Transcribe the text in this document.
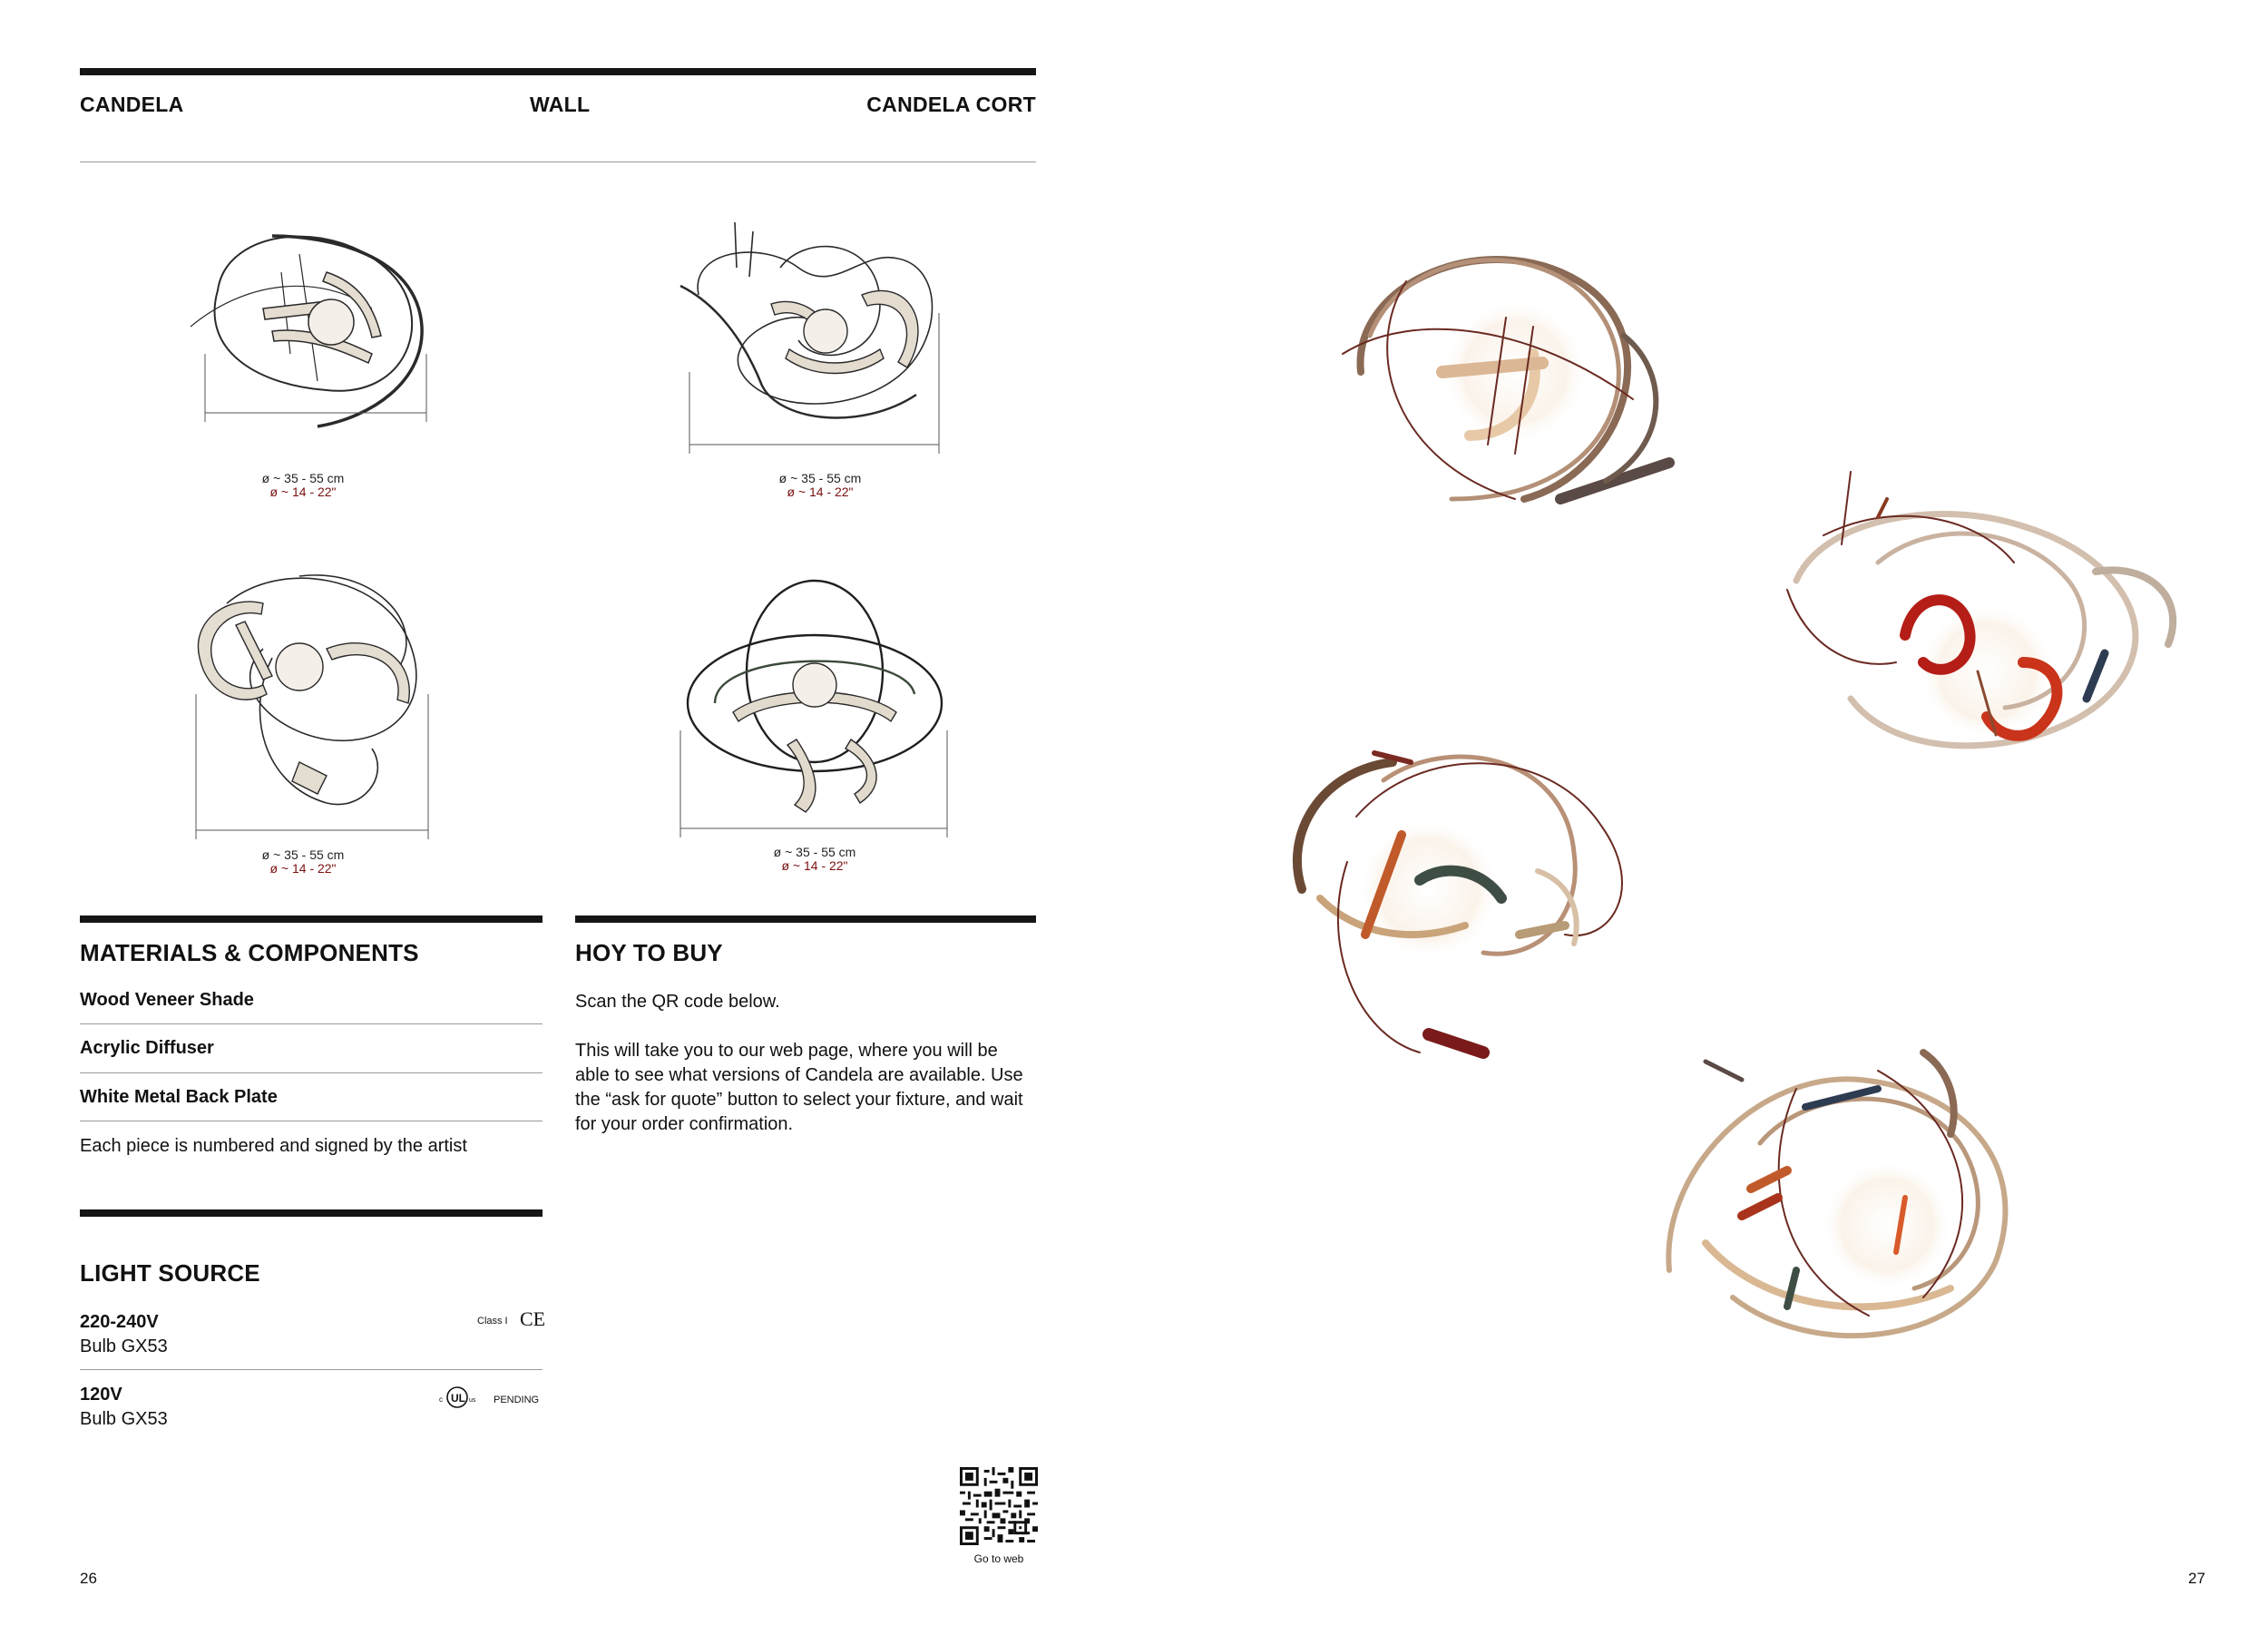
CANDELA	WALL	CANDELA CORT
ø ~ 35 - 55 cm
ø ~ 14 - 22"
ø ~ 35 - 55 cm
ø ~ 14 - 22"
ø ~ 35 - 55 cm
ø ~ 14 - 22"
ø ~ 35 - 55 cm
ø ~ 14 - 22"
MATERIALS & COMPONENTS
Wood Veneer Shade
Acrylic Diffuser
White Metal Back Plate
Each piece is numbered and signed by the artist
HOY TO BUY
Scan the QR code below.
This will take you to our web page, where you will be able to see what versions of Candela are available. Use the “ask for quote” button to select your fixture, and wait for your order confirmation.
Go to web
LIGHT SOURCE
220-240V
Bulb GX53
Class I CE
120V
Bulb GX53
c UL us PENDING
26	27
